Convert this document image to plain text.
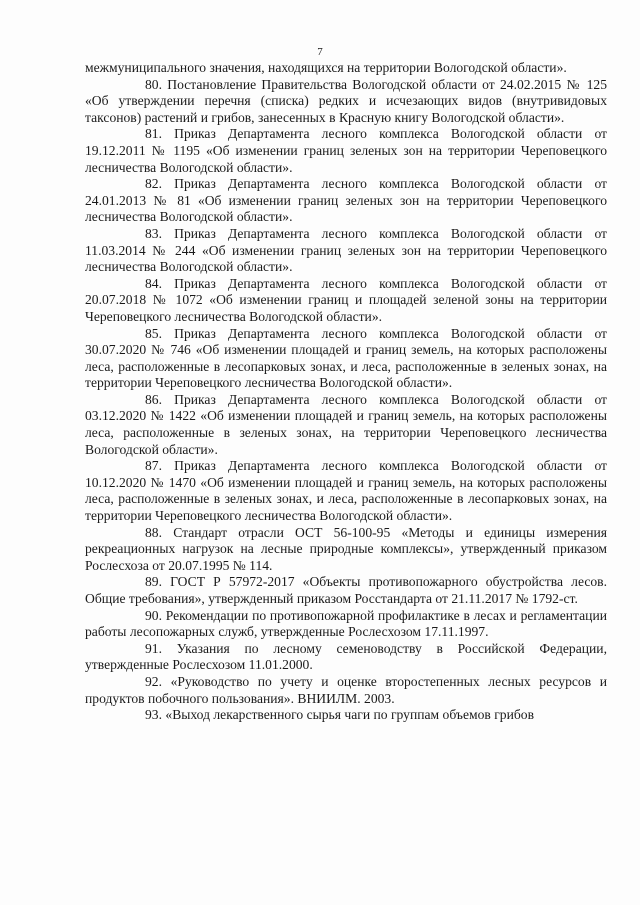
7

межмуниципального значения, находящихся на территории Вологодской области».

80. Постановление Правительства Вологодской области от 24.02.2015 № 125 «Об утверждении перечня (списка) редких и исчезающих видов (внутривидовых таксонов) растений и грибов, занесенных в Красную книгу Вологодской области».

81. Приказ Департамента лесного комплекса Вологодской области от 19.12.2011 № 1195 «Об изменении границ зеленых зон на территории Череповецкого лесничества Вологодской области».

82. Приказ Департамента лесного комплекса Вологодской области от 24.01.2013 № 81 «Об изменении границ зеленых зон на территории Череповецкого лесничества Вологодской области».

83. Приказ Департамента лесного комплекса Вологодской области от 11.03.2014 № 244 «Об изменении границ зеленых зон на территории Череповецкого лесничества Вологодской области».

84. Приказ Департамента лесного комплекса Вологодской области от 20.07.2018 № 1072 «Об изменении границ и площадей зеленой зоны на территории Череповецкого лесничества Вологодской области».

85. Приказ Департамента лесного комплекса Вологодской области от 30.07.2020 № 746 «Об изменении площадей и границ земель, на которых расположены леса, расположенные в лесопарковых зонах, и леса, расположенные в зеленых зонах, на территории Череповецкого лесничества Вологодской области».

86. Приказ Департамента лесного комплекса Вологодской области от 03.12.2020 № 1422 «Об изменении площадей и границ земель, на которых расположены леса, расположенные в зеленых зонах, на территории Череповецкого лесничества Вологодской области».

87. Приказ Департамента лесного комплекса Вологодской области от 10.12.2020 № 1470 «Об изменении площадей и границ земель, на которых расположены леса, расположенные в зеленых зонах, и леса, расположенные в лесопарковых зонах, на территории Череповецкого лесничества Вологодской области».

88. Стандарт отрасли ОСТ 56-100-95 «Методы и единицы измерения рекреационных нагрузок на лесные природные комплексы», утвержденный приказом Рослесхоза от 20.07.1995 № 114.

89. ГОСТ Р 57972-2017 «Объекты противопожарного обустройства лесов. Общие требования», утвержденный приказом Росстандарта от 21.11.2017 № 1792-ст.

90. Рекомендации по противопожарной профилактике в лесах и регламентации работы лесопожарных служб, утвержденные Рослесхозом 17.11.1997.

91. Указания по лесному семеноводству в Российской Федерации, утвержденные Рослесхозом 11.01.2000.

92. «Руководство по учету и оценке второстепенных лесных ресурсов и продуктов побочного пользования». ВНИИЛМ. 2003.

93. «Выход лекарственного сырья чаги по группам объемов грибов
